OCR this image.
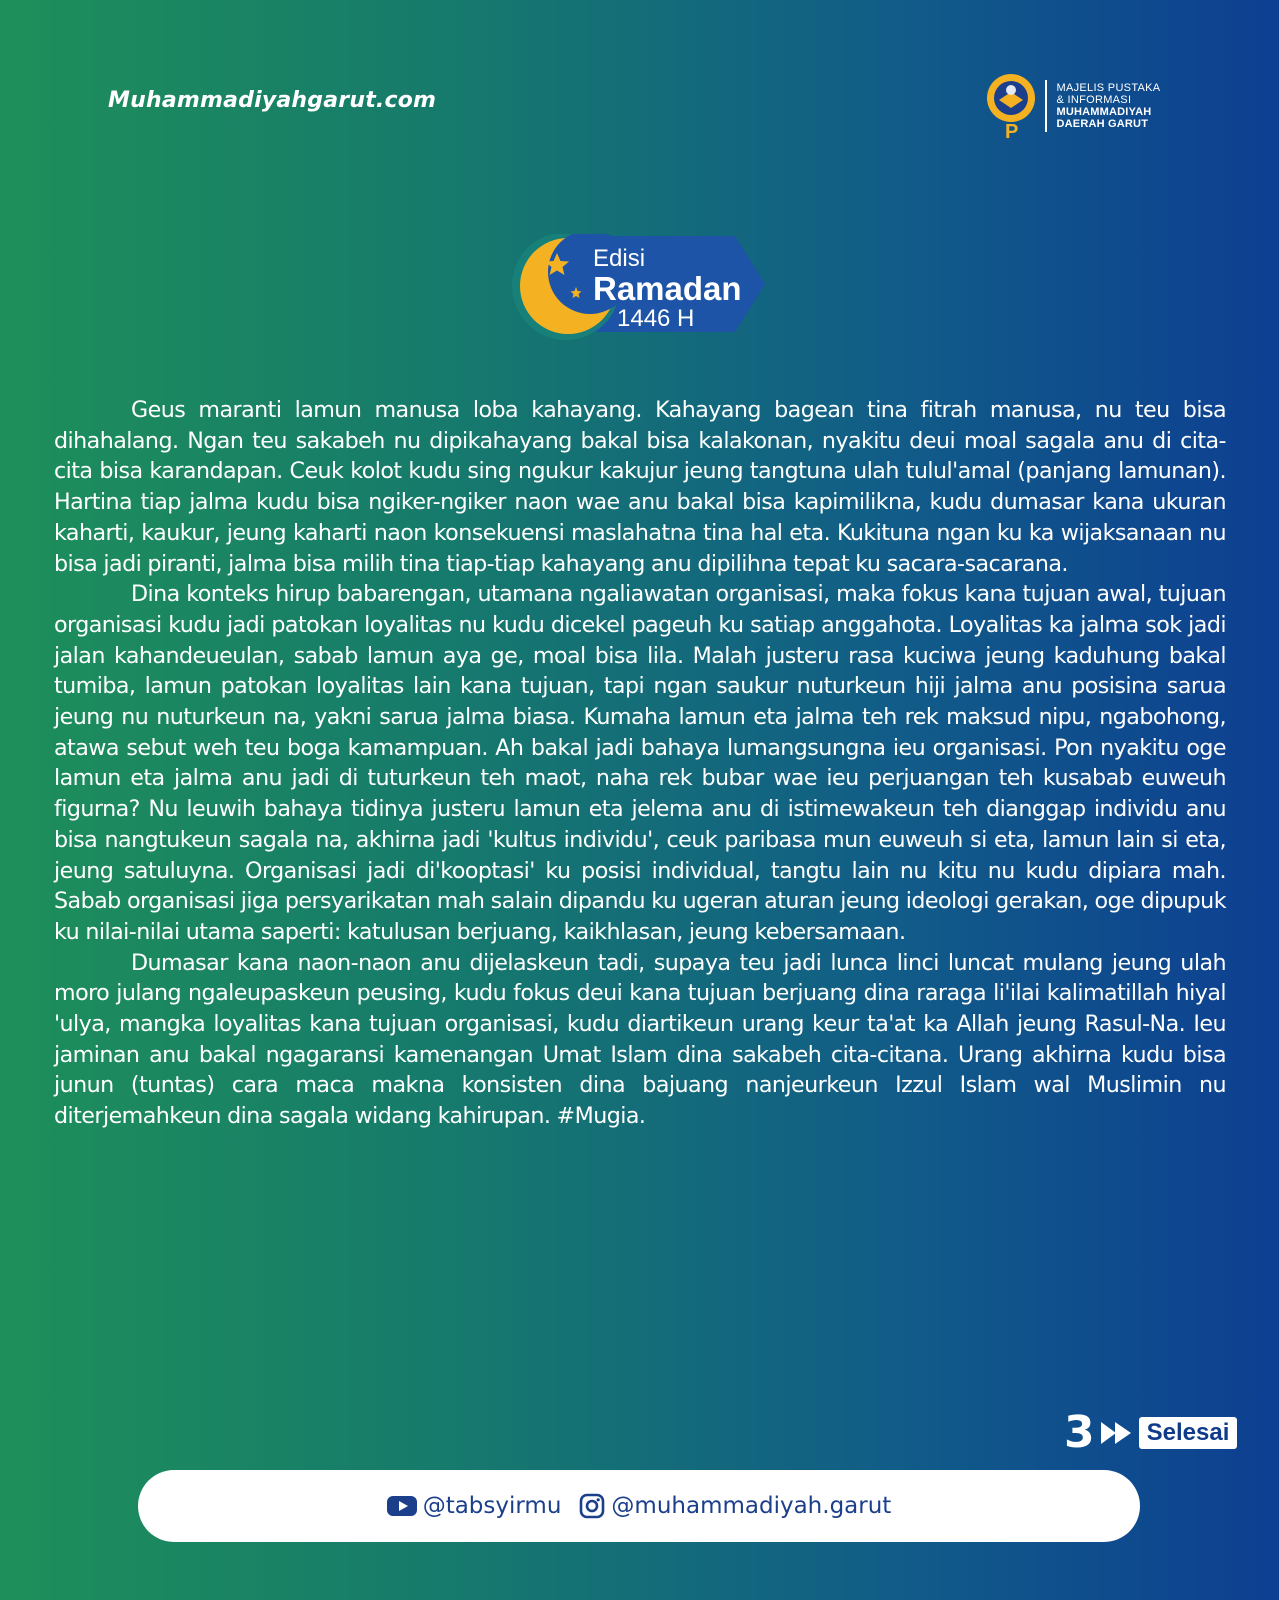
Muhammadiyahgarut.com
P
MAJELIS PUSTAKA
& INFORMASI
MUHAMMADIYAH
DAERAH GARUT
Edisi
Ramadan
1446 H

Geus maranti lamun manusa loba kahayang. Kahayang bagean tina fitrah manusa, nu teu bisa dihahalang. Ngan teu sakabeh nu dipikahayang bakal bisa kalakonan, nyakitu deui moal sagala anu di cita-cita bisa karandapan. Ceuk kolot kudu sing ngukur kakujur jeung tangtuna ulah tulul'amal (panjang lamunan). Hartina tiap jalma kudu bisa ngiker-ngiker naon wae anu bakal bisa kapimilikna, kudu dumasar kana ukuran kaharti, kaukur, jeung kaharti naon konsekuensi maslahatna tina hal eta. Kukituna ngan ku ka wijaksanaan nu bisa jadi piranti, jalma bisa milih tina tiap-tiap kahayang anu dipilihna tepat ku sacara-sacarana.

Dina konteks hirup babarengan, utamana ngaliawatan organisasi, maka fokus kana tujuan awal, tujuan organisasi kudu jadi patokan loyalitas nu kudu dicekel pageuh ku satiap anggahota. Loyalitas ka jalma sok jadi jalan kahandeueulan, sabab lamun aya ge, moal bisa lila. Malah justeru rasa kuciwa jeung kaduhung bakal tumiba, lamun patokan loyalitas lain kana tujuan, tapi ngan saukur nuturkeun hiji jalma anu posisina sarua jeung nu nuturkeun na, yakni sarua jalma biasa. Kumaha lamun eta jalma teh rek maksud nipu, ngabohong, atawa sebut weh teu boga kamampuan. Ah bakal jadi bahaya lumangsungna ieu organisasi. Pon nyakitu oge lamun eta jalma anu jadi di tuturkeun teh maot, naha rek bubar wae ieu perjuangan teh kusabab euweuh figurna? Nu leuwih bahaya tidinya justeru lamun eta jelema anu di istimewakeun teh dianggap individu anu bisa nangtukeun sagala na, akhirna jadi 'kultus individu', ceuk paribasa mun euweuh si eta, lamun lain si eta, jeung satuluyna. Organisasi jadi di'kooptasi' ku posisi individual, tangtu lain nu kitu nu kudu dipiara mah. Sabab organisasi jiga persyarikatan mah salain dipandu ku ugeran aturan jeung ideologi gerakan, oge dipupuk ku nilai-nilai utama saperti: katulusan berjuang, kaikhlasan, jeung kebersamaan.

Dumasar kana naon-naon anu dijelaskeun tadi, supaya teu jadi lunca linci luncat mulang jeung ulah moro julang ngaleupaskeun peusing, kudu fokus deui kana tujuan berjuang dina raraga li'ilai kalimatillah hiyal 'ulya, mangka loyalitas kana tujuan organisasi, kudu diartikeun urang keur ta'at ka Allah jeung Rasul-Na. Ieu jaminan anu bakal ngagaransi kamenangan Umat Islam dina sakabeh cita-citana. Urang akhirna kudu bisa junun (tuntas) cara maca makna konsisten dina bajuang nanjeurkeun Izzul Islam wal Muslimin nu diterjemahkeun dina sagala widang kahirupan. #Mugia.

3	Selesai
@tabsyirmu @muhammadiyah.garut
